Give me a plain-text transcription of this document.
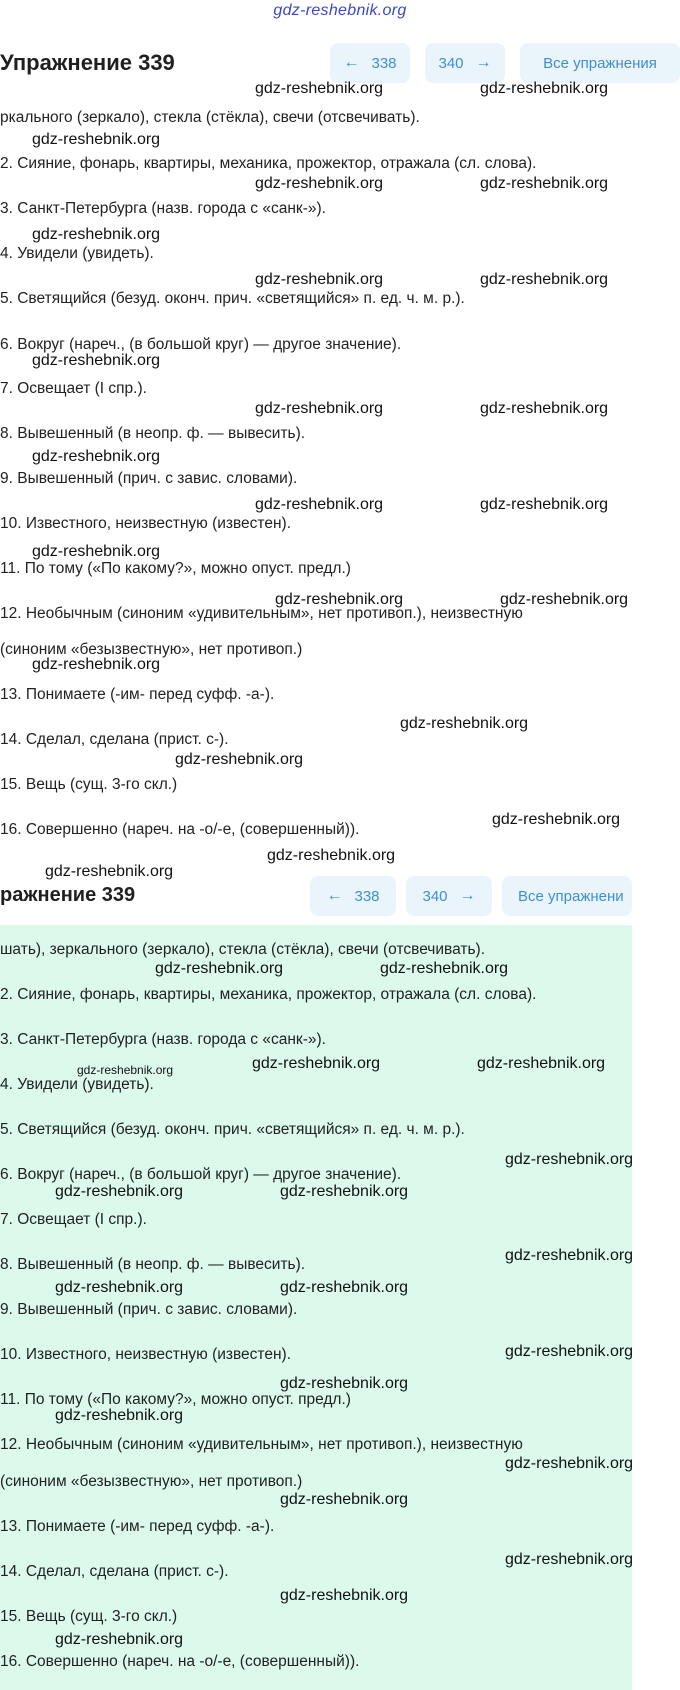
gdz-reshebnik.org
Упражнение 339	← 338	340 →	Все упражнения
ркального (зеркало), стекла (стёкла), свечи (отсвечивать).
2. Сияние, фонарь, квартиры, механика, прожектор, отражала (сл. слова).
3. Санкт-Петербурга (назв. города с «санк-»).
4. Увидели (увидеть).
5. Светящийся (безуд. оконч. прич. «светящийся» п. ед. ч. м. р.).
6. Вокруг (нареч., (в большой круг) — другое значение).
7. Освещает (I спр.).
8. Вывешенный (в неопр. ф. — вывесить).
9. Вывешенный (прич. с завис. словами).
10. Известного, неизвестную (известен).
11. По тому («По какому?», можно опуст. предл.)
12. Необычным (синоним «удивительным», нет противоп.), неизвестную
(синоним «безызвестную», нет противоп.)
13. Понимаете (-им- перед суфф. -а-).
14. Сделал, сделана (прист. с-).
15. Вещь (сущ. 3-го скл.)
16. Совершенно (нареч. на -о/-е, (совершенный)).
gdz-reshebnik.org	gdz-reshebnik.org
gdz-reshebnik.org
gdz-reshebnik.org	gdz-reshebnik.org
gdz-reshebnik.org
gdz-reshebnik.org	gdz-reshebnik.org
gdz-reshebnik.org
gdz-reshebnik.org	gdz-reshebnik.org
gdz-reshebnik.org
gdz-reshebnik.org	gdz-reshebnik.org
gdz-reshebnik.org
gdz-reshebnik.org	gdz-reshebnik.org
gdz-reshebnik.org
gdz-reshebnik.org
gdz-reshebnik.org
gdz-reshebnik.org
gdz-reshebnik.org
gdz-reshebnik.org
ражнение 339	← 338	340 →	Все упражнени
шать), зеркального (зеркало), стекла (стёкла), свечи (отсвечивать).
2. Сияние, фонарь, квартиры, механика, прожектор, отражала (сл. слова).
3. Санкт-Петербурга (назв. города с «санк-»).
4. Увидели (увидеть).
5. Светящийся (безуд. оконч. прич. «светящийся» п. ед. ч. м. р.).
6. Вокруг (нареч., (в большой круг) — другое значение).
7. Освещает (I спр.).
8. Вывешенный (в неопр. ф. — вывесить).
9. Вывешенный (прич. с завис. словами).
10. Известного, неизвестную (известен).
11. По тому («По какому?», можно опуст. предл.)
12. Необычным (синоним «удивительным», нет противоп.), неизвестную
(синоним «безызвестную», нет противоп.)
13. Понимаете (-им- перед суфф. -а-).
14. Сделал, сделана (прист. с-).
15. Вещь (сущ. 3-го скл.)
16. Совершенно (нареч. на -о/-е, (совершенный)).
gdz-reshebnik.org	gdz-reshebnik.org
gdz-reshebnik.org	gdz-reshebnik.org	gdz-reshebnik.org
gdz-reshebnik.org
gdz-reshebnik.org	gdz-reshebnik.org
gdz-reshebnik.org
gdz-reshebnik.org	gdz-reshebnik.org
gdz-reshebnik.org
gdz-reshebnik.org
gdz-reshebnik.org
gdz-reshebnik.org
gdz-reshebnik.org
gdz-reshebnik.org
gdz-reshebnik.org
gdz-reshebnik.org
